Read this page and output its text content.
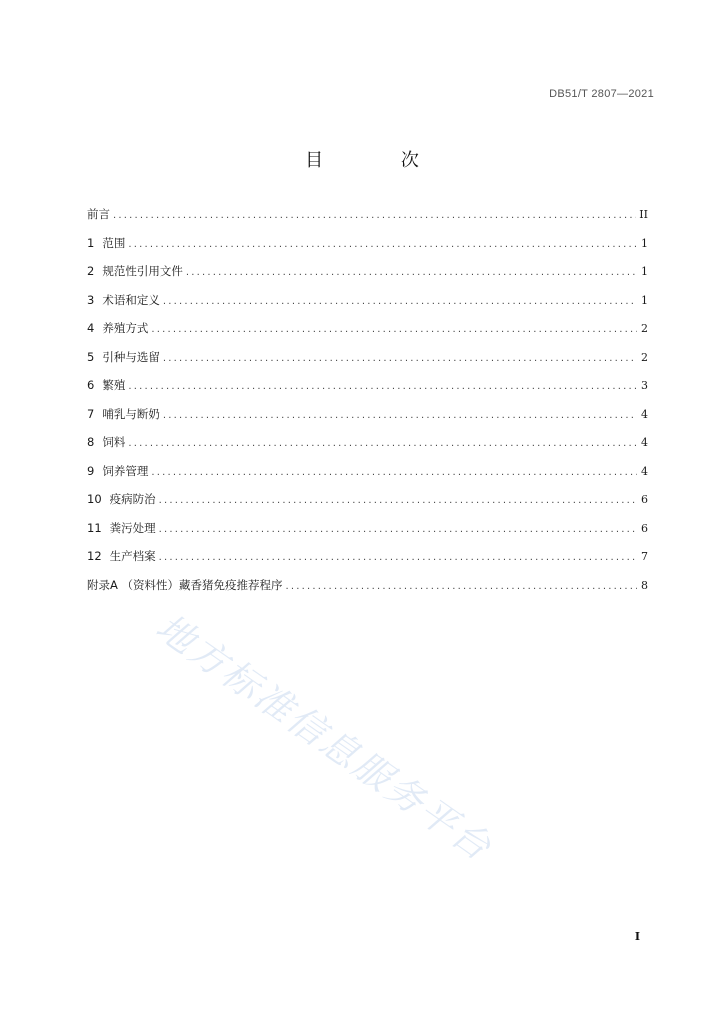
DB51/T 2807—2021
目 次
前言 .....	II
1 范围 .....	1
2 规范性引用文件 .....	1
3 术语和定义 .....	1
4 养殖方式 .....	2
5 引种与选留 .....	2
6 繁殖 .....	3
7 哺乳与断奶 .....	4
8 饲料 .....	4
9 饲养管理 .....	4
10 疫病防治 .....	6
11 粪污处理 .....	6
12 生产档案 .....	7
附录A （资料性）藏香猪免疫推荐程序 .....	8
地方标准信息服务平台
I
